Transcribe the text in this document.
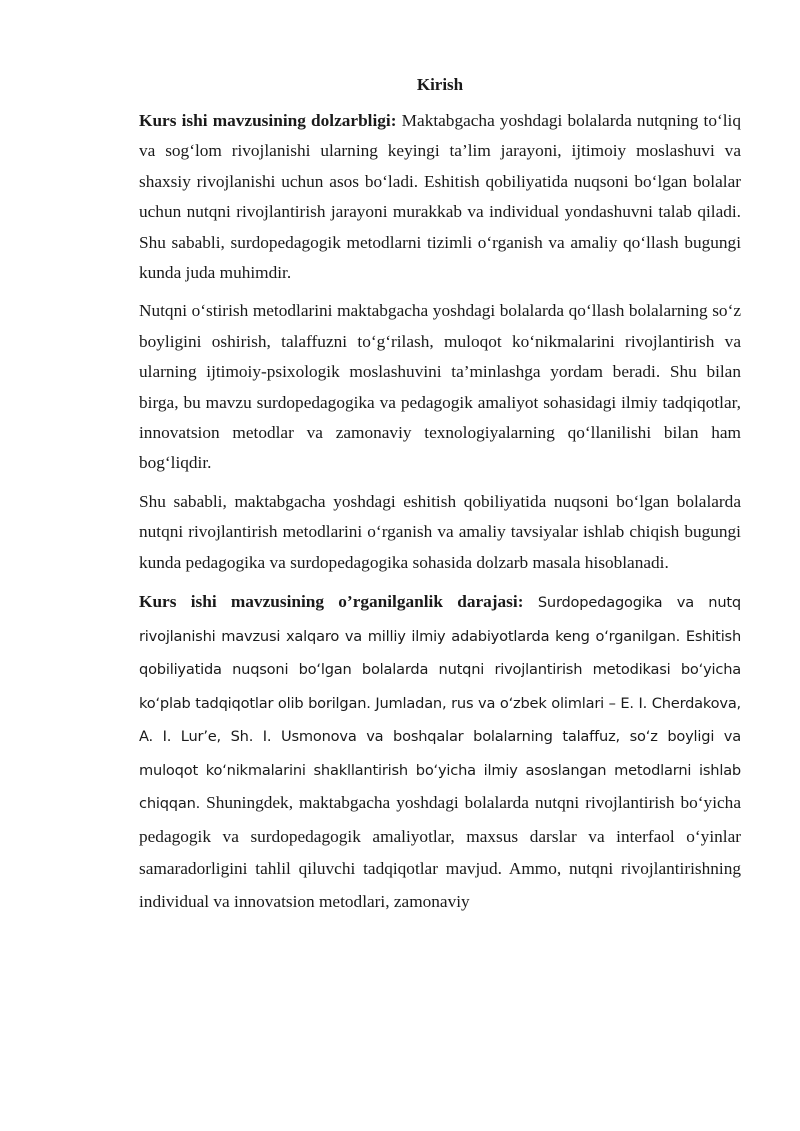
Kirish

Kurs ishi mavzusining dolzarbligi: Maktabgacha yoshdagi bolalarda nutqning to‘liq va sog‘lom rivojlanishi ularning keyingi ta’lim jarayoni, ijtimoiy moslashuvi va shaxsiy rivojlanishi uchun asos bo‘ladi. Eshitish qobiliyatida nuqsoni bo‘lgan bolalar uchun nutqni rivojlantirish jarayoni murakkab va individual yondashuvni talab qiladi. Shu sababli, surdopedagogik metodlarni tizimli o‘rganish va amaliy qo‘llash bugungi kunda juda muhimdir.

Nutqni o‘stirish metodlarini maktabgacha yoshdagi bolalarda qo‘llash bolalarning so‘z boyligini oshirish, talaffuzni to‘g‘rilash, muloqot ko‘nikmalarini rivojlantirish va ularning ijtimoiy-psixologik moslashuvini ta’minlashga yordam beradi. Shu bilan birga, bu mavzu surdopedagogika va pedagogik amaliyot sohasidagi ilmiy tadqiqotlar, innovatsion metodlar va zamonaviy texnologiyalarning qo‘llanilishi bilan ham bog‘liqdir.

Shu sababli, maktabgacha yoshdagi eshitish qobiliyatida nuqsoni bo‘lgan bolalarda nutqni rivojlantirish metodlarini o‘rganish va amaliy tavsiyalar ishlab chiqish bugungi kunda pedagogika va surdopedagogika sohasida dolzarb masala hisoblanadi.

Kurs ishi mavzusining o’rganilganlik darajasi: Surdopedagogika va nutq rivojlanishi mavzusi xalqaro va milliy ilmiy adabiyotlarda keng o‘rganilgan. Eshitish qobiliyatida nuqsoni bo‘lgan bolalarda nutqni rivojlantirish metodikasi bo‘yicha ko‘plab tadqiqotlar olib borilgan. Jumladan, rus va o‘zbek olimlari – E. I. Cherdakova, A. I. Lur’e, Sh. I. Usmonova va boshqalar bolalarning talaffuz, so‘z boyligi va muloqot ko‘nikmalarini shakllantirish bo‘yicha ilmiy asoslangan metodlarni ishlab chiqqan. Shuningdek, maktabgacha yoshdagi bolalarda nutqni rivojlantirish bo‘yicha pedagogik va surdopedagogik amaliyotlar, maxsus darslar va interfaol o‘yinlar samaradorligini tahlil qiluvchi tadqiqotlar mavjud. Ammo, nutqni rivojlantirishning individual va innovatsion metodlari, zamonaviy
